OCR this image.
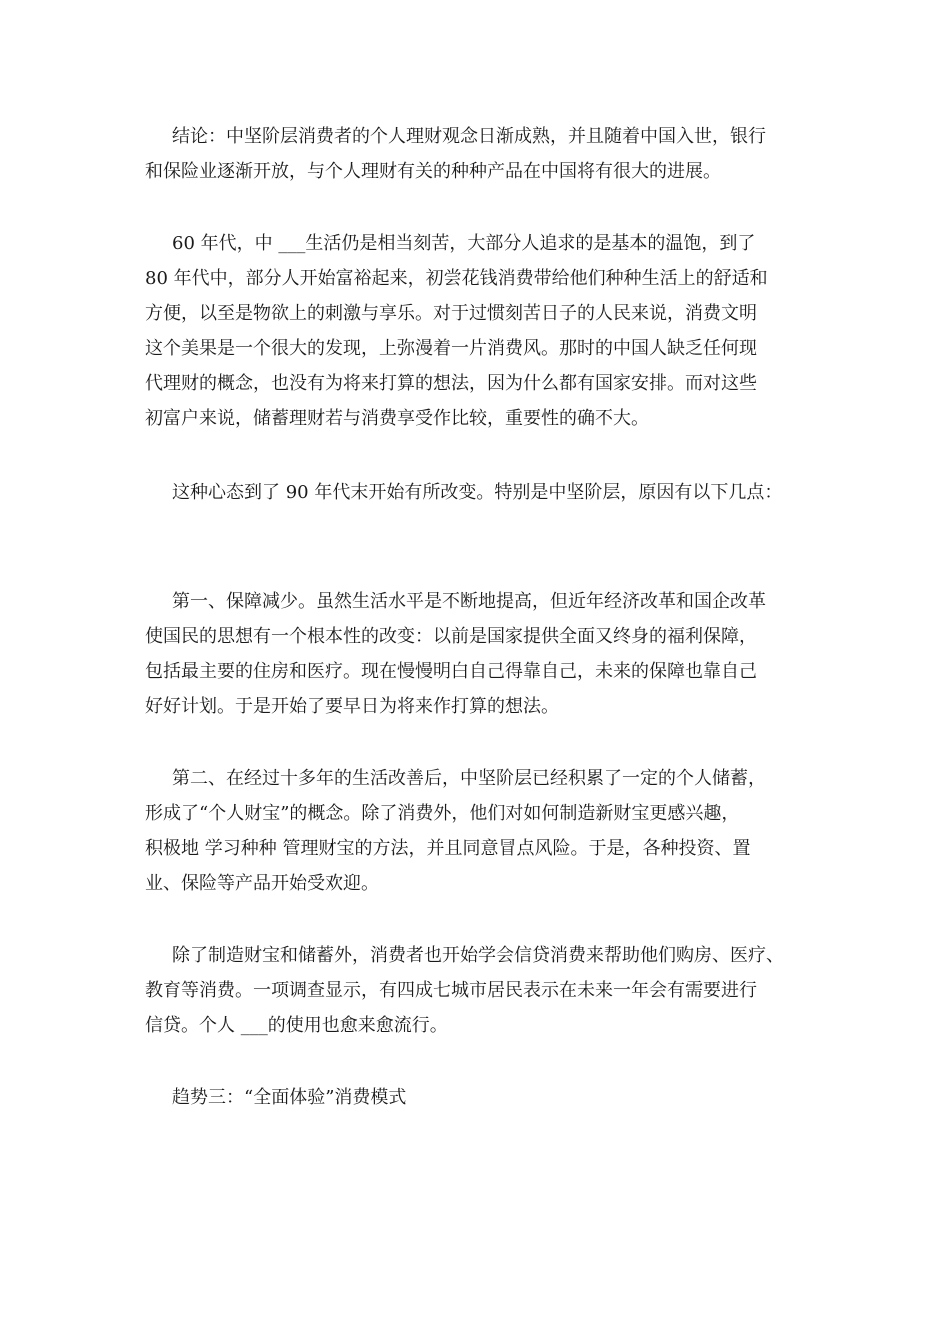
结论：中坚阶层消费者的个人理财观念日渐成熟，并且随着中国入世，银行

和保险业逐渐开放，与个人理财有关的种种产品在中国将有很大的进展。

60 年代，中 ___生活仍是相当刻苦，大部分人追求的是基本的温饱，到了

80 年代中，部分人开始富裕起来，初尝花钱消费带给他们种种生活上的舒适和

方便，以至是物欲上的刺激与享乐。对于过惯刻苦日子的人民来说，消费文明

这个美果是一个很大的发现，上弥漫着一片消费风。那时的中国人缺乏任何现

代理财的概念，也没有为将来打算的想法，因为什么都有国家安排。而对这些

初富户来说，储蓄理财若与消费享受作比较，重要性的确不大。

这种心态到了 90 年代末开始有所改变。特别是中坚阶层，原因有以下几点：

第一、保障减少。虽然生活水平是不断地提高，但近年经济改革和国企改革

使国民的思想有一个根本性的改变：以前是国家提供全面又终身的福利保障，

包括最主要的住房和医疗。现在慢慢明白自己得靠自己，未来的保障也靠自己

好好计划。于是开始了要早日为将来作打算的想法。

第二、在经过十多年的生活改善后，中坚阶层已经积累了一定的个人储蓄，

形成了“个人财宝”的概念。除了消费外，他们对如何制造新财宝更感兴趣，

积极地 学习种种 管理财宝的方法，并且同意冒点风险。于是，各种投资、置

业、保险等产品开始受欢迎。

除了制造财宝和储蓄外，消费者也开始学会信贷消费来帮助他们购房、医疗、

教育等消费。一项调查显示，有四成七城市居民表示在未来一年会有需要进行

信贷。个人 ___的使用也愈来愈流行。

趋势三：“全面体验”消费模式
